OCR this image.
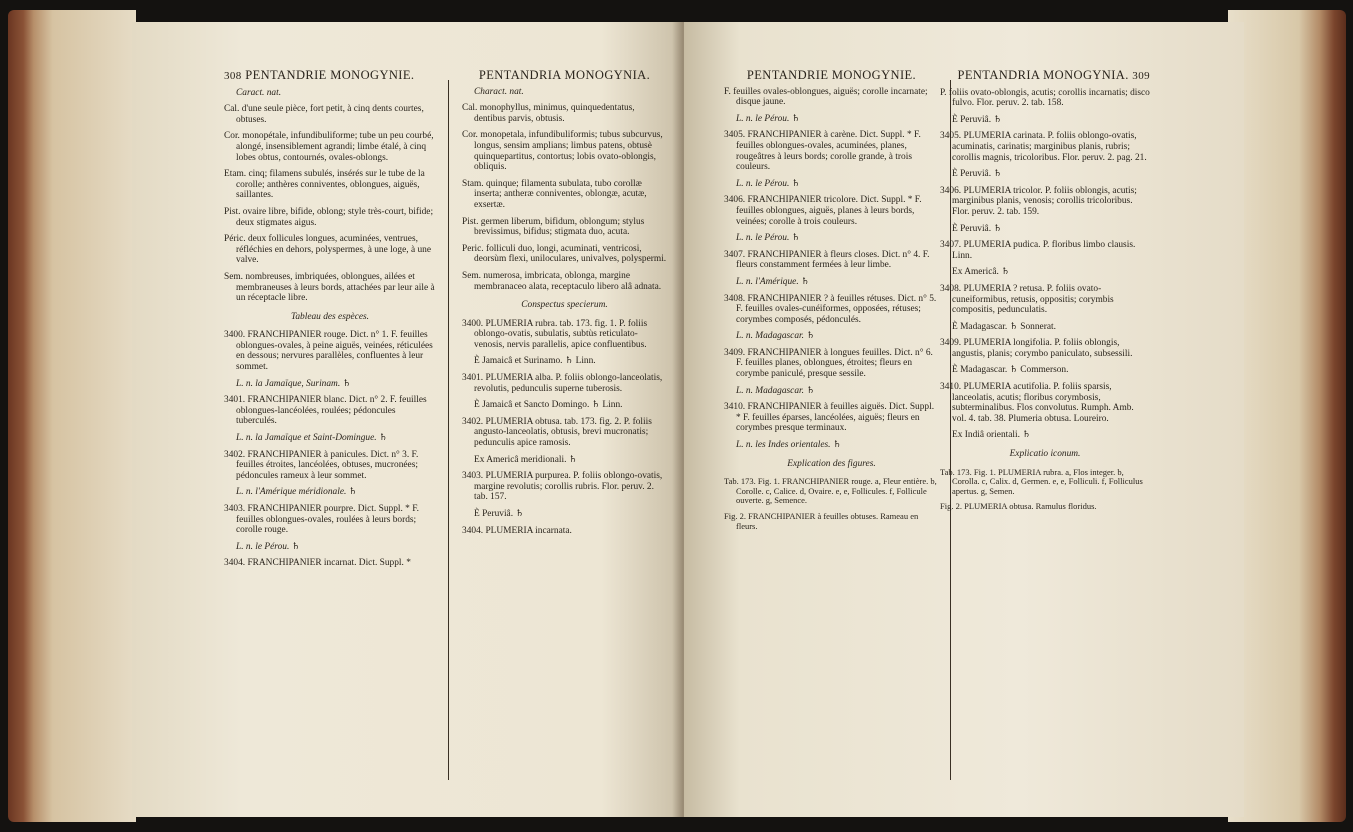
308 PENTANDRIE MONOGYNIE.

Caract. nat.

Cal. d'une seule pièce, fort petit, à cinq dents courtes, obtuses.

Cor. monopétale, infundibuliforme; tube un peu courbé, alongé, insensiblement agrandi; limbe étalé, à cinq lobes obtus, contournés, ovales-oblongs.

Etam. cinq; filamens subulés, insérés sur le tube de la corolle; anthères conniventes, oblongues, aiguës, saillantes.

Pist. ovaire libre, bifide, oblong; style très-court, bifide; deux stigmates aigus.

Péric. deux follicules longues, acuminées, ventrues, réfléchies en dehors, polyspermes, à une loge, à une valve.

Sem. nombreuses, imbriquées, oblongues, ailées et membraneuses à leurs bords, attachées par leur aile à un réceptacle libre.

Tableau des espèces.

3400. FRANCHIPANIER rouge. Dict. n° 1. F. feuilles oblongues-ovales, à peine aiguës, veinées, réticulées en dessous; nervures parallèles, confluentes à leur sommet.

L. n. la Jamaïque, Surinam. ♄

3401. FRANCHIPANIER blanc. Dict. n° 2. F. feuilles oblongues-lancéolées, roulées; pédoncules tuberculés.

L. n. la Jamaïque et Saint-Domingue. ♄

3402. FRANCHIPANIER à panicules. Dict. n° 3. F. feuilles étroites, lancéolées, obtuses, mucronées; pédoncules rameux à leur sommet.

L. n. l'Amérique méridionale. ♄

3403. FRANCHIPANIER pourpre. Dict. Suppl. * F. feuilles oblongues-ovales, roulées à leurs bords; corolle rouge.

L. n. le Pérou. ♄

3404. FRANCHIPANIER incarnat. Dict. Suppl. *

PENTANDRIA MONOGYNIA.

Charact. nat.

Cal. monophyllus, minimus, quinquedentatus, dentibus parvis, obtusis.

Cor. monopetala, infundibuliformis; tubus subcurvus, longus, sensim amplians; limbus patens, obtusè quinquepartitus, contortus; lobis ovato-oblongis, obliquis.

Stam. quinque; filamenta subulata, tubo corollæ inserta; antheræ conniventes, oblongæ, acutæ, exsertæ.

Pist. germen liberum, bifidum, oblongum; stylus brevissimus, bifidus; stigmata duo, acuta.

Peric. folliculi duo, longi, acuminati, ventricosi, deorsùm flexi, uniloculares, univalves, polyspermi.

Sem. numerosa, imbricata, oblonga, margine membranaceo alata, receptaculo libero alâ adnata.

Conspectus specierum.

3400. PLUMERIA rubra. tab. 173. fig. 1. P. foliis oblongo-ovatis, subulatis, subtùs reticulato-venosis, nervis parallelis, apice confluentibus.

È Jamaicâ et Surinamo. ♄ Linn.

3401. PLUMERIA alba. P. foliis oblongo-lanceolatis, revolutis, pedunculis superne tuberosis.

È Jamaicâ et Sancto Domingo. ♄ Linn.

3402. PLUMERIA obtusa. tab. 173. fig. 2. P. foliis angusto-lanceolatis, obtusis, brevi mucronatis; pedunculis apice ramosis.

Ex Americâ meridionali. ♄

3403. PLUMERIA purpurea. P. foliis oblongo-ovatis, margine revolutis; corollis rubris. Flor. peruv. 2. tab. 157.

È Peruviâ. ♄

3404. PLUMERIA incarnata.

PENTANDRIE MONOGYNIE.

F. feuilles ovales-oblongues, aiguës; corolle incarnate; disque jaune.

L. n. le Pérou. ♄

3405. FRANCHIPANIER à carène. Dict. Suppl. * F. feuilles oblongues-ovales, acuminées, planes, rougeâtres à leurs bords; corolle grande, à trois couleurs.

L. n. le Pérou. ♄

3406. FRANCHIPANIER tricolore. Dict. Suppl. * F. feuilles oblongues, aiguës, planes à leurs bords, veinées; corolle à trois couleurs.

L. n. le Pérou. ♄

3407. FRANCHIPANIER à fleurs closes. Dict. n° 4. F. fleurs constamment fermées à leur limbe.

L. n. l'Amérique. ♄

3408. FRANCHIPANIER ? à feuilles rétuses. Dict. n° 5. F. feuilles ovales-cunéiformes, opposées, rétuses; corymbes composés, pédonculés.

L. n. Madagascar. ♄

3409. FRANCHIPANIER à longues feuilles. Dict. n° 6. F. feuilles planes, oblongues, étroites; fleurs en corymbe paniculé, presque sessile.

L. n. Madagascar. ♄

3410. FRANCHIPANIER à feuilles aiguës. Dict. Suppl. * F. feuilles éparses, lancéolées, aiguës; fleurs en corymbes presque terminaux.

L. n. les Indes orientales. ♄

Explication des figures.

Tab. 173. Fig. 1. FRANCHIPANIER rouge. a, Fleur entière. b, Corolle. c, Calice. d, Ovaire. e, e, Follicules. f, Follicule ouverte. g, Semence.

Fig. 2. FRANCHIPANIER à feuilles obtuses. Rameau en fleurs.

PENTANDRIA MONOGYNIA. 309

P. foliis ovato-oblongis, acutis; corollis incarnatis; disco fulvo. Flor. peruv. 2. tab. 158.

È Peruviâ. ♄

3405. PLUMERIA carinata. P. foliis oblongo-ovatis, acuminatis, carinatis; marginibus planis, rubris; corollis magnis, tricoloribus. Flor. peruv. 2. pag. 21.

È Peruviâ. ♄

3406. PLUMERIA tricolor. P. foliis oblongis, acutis; marginibus planis, venosis; corollis tricoloribus. Flor. peruv. 2. tab. 159.

È Peruviâ. ♄

3407. PLUMERIA pudica. P. floribus limbo clausis. Linn.

Ex Americâ. ♄

3408. PLUMERIA ? retusa. P. foliis ovato-cuneiformibus, retusis, oppositis; corymbis compositis, pedunculatis.

È Madagascar. ♄ Sonnerat.

3409. PLUMERIA longifolia. P. foliis oblongis, angustis, planis; corymbo paniculato, subsessili.

È Madagascar. ♄ Commerson.

3410. PLUMERIA acutifolia. P. foliis sparsis, lanceolatis, acutis; floribus corymbosis, subterminalibus. Flos convolutus. Rumph. Amb. vol. 4. tab. 38. Plumeria obtusa. Loureiro.

Ex Indiâ orientali. ♄

Explicatio iconum.

Tab. 173. Fig. 1. PLUMERIA rubra. a, Flos integer. b, Corolla. c, Calix. d, Germen. e, e, Folliculi. f, Folliculus apertus. g, Semen.

Fig. 2. PLUMERIA obtusa. Ramulus floridus.
